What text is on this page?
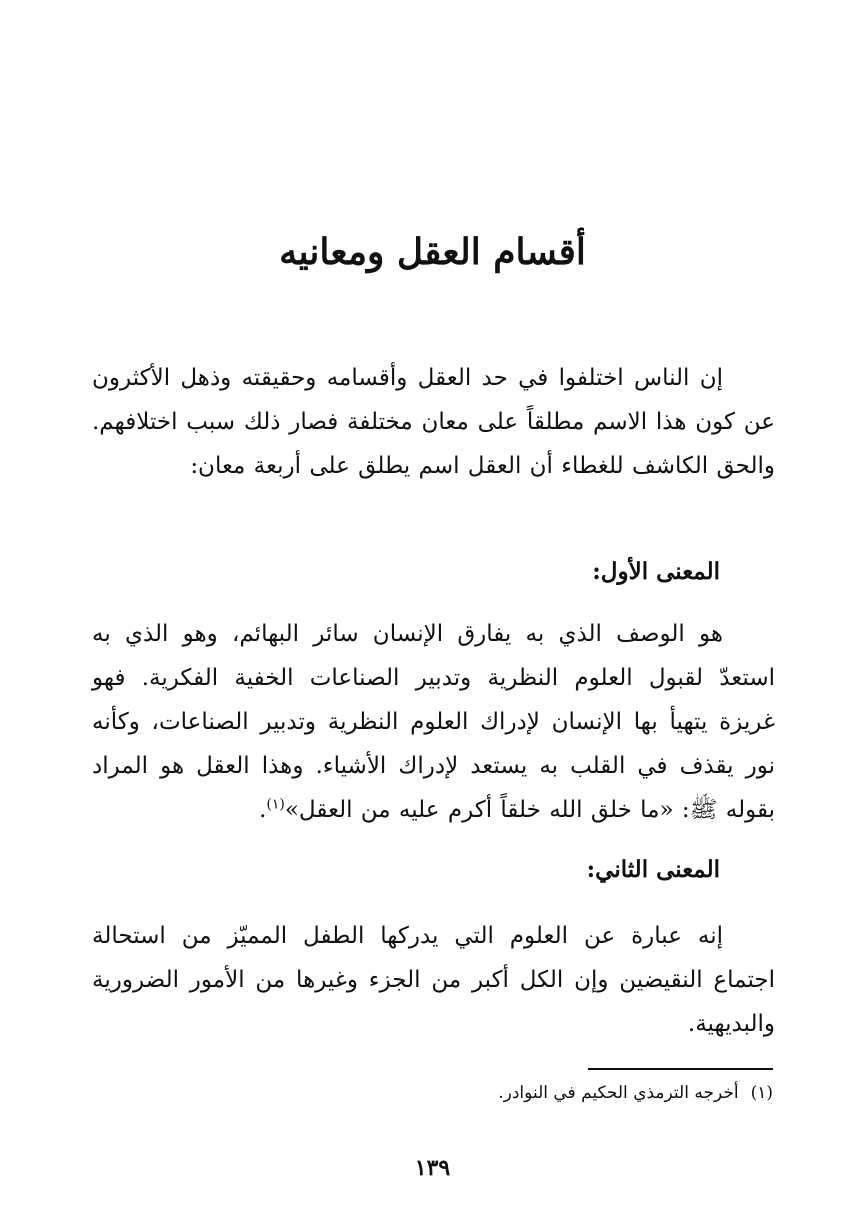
أقسام العقل ومعانيه

إن الناس اختلفوا في حد العقل وأقسامه وحقيقته وذهل الأكثرون عن كون هذا الاسم مطلقاً على معان مختلفة فصار ذلك سبب اختلافهم. والحق الكاشف للغطاء أن العقل اسم يطلق على أربعة معان:

المعنى الأول:

هو الوصف الذي به يفارق الإنسان سائر البهائم، وهو الذي به استعدّ لقبول العلوم النظرية وتدبير الصناعات الخفية الفكرية. فهو غريزة يتهيأ بها الإنسان لإدراك العلوم النظرية وتدبير الصناعات، وكأنه نور يقذف في القلب به يستعد لإدراك الأشياء. وهذا العقل هو المراد بقوله ﷺ: «ما خلق الله خلقاً أكرم عليه من العقل»$^{(١)}$.

المعنى الثاني:

إنه عبارة عن العلوم التي يدركها الطفل المميّز من استحالة اجتماع النقيضين وإن الكل أكبر من الجزء وغيرها من الأمور الضرورية والبديهية.

(١)أخرجه الترمذي الحكيم في النوادر.

١٣٩
